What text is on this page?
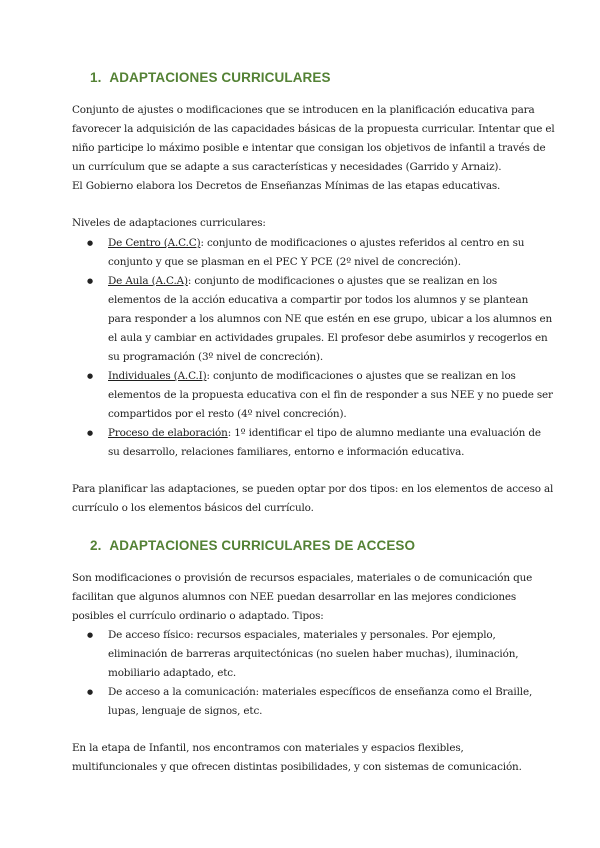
1. ADAPTACIONES CURRICULARES

Conjunto de ajustes o modificaciones que se introducen en la planificación educativa para
favorecer la adquisición de las capacidades básicas de la propuesta curricular. Intentar que el
niño participe lo máximo posible e intentar que consigan los objetivos de infantil a través de
un currículum que se adapte a sus características y necesidades (Garrido y Arnaiz).
El Gobierno elabora los Decretos de Enseñanzas Mínimas de las etapas educativas.

Niveles de adaptaciones curriculares:

● De Centro (A.C.C): conjunto de modificaciones o ajustes referidos al centro en su
conjunto y que se plasman en el PEC Y PCE (2º nivel de concreción).
● De Aula (A.C.A): conjunto de modificaciones o ajustes que se realizan en los
elementos de la acción educativa a compartir por todos los alumnos y se plantean
para responder a los alumnos con NE que estén en ese grupo, ubicar a los alumnos en
el aula y cambiar en actividades grupales. El profesor debe asumirlos y recogerlos en
su programación (3º nivel de concreción).
● Individuales (A.C.I): conjunto de modificaciones o ajustes que se realizan en los
elementos de la propuesta educativa con el fin de responder a sus NEE y no puede ser
compartidos por el resto (4º nivel concreción).
● Proceso de elaboración: 1º identificar el tipo de alumno mediante una evaluación de
su desarrollo, relaciones familiares, entorno e información educativa.

Para planificar las adaptaciones, se pueden optar por dos tipos: en los elementos de acceso al
currículo o los elementos básicos del currículo.

2. ADAPTACIONES CURRICULARES DE ACCESO

Son modificaciones o provisión de recursos espaciales, materiales o de comunicación que
facilitan que algunos alumnos con NEE puedan desarrollar en las mejores condiciones
posibles el currículo ordinario o adaptado. Tipos:

● De acceso físico: recursos espaciales, materiales y personales. Por ejemplo,
eliminación de barreras arquitectónicas (no suelen haber muchas), iluminación,
mobiliario adaptado, etc.
● De acceso a la comunicación: materiales específicos de enseñanza como el Braille,
lupas, lenguaje de signos, etc.

En la etapa de Infantil, nos encontramos con materiales y espacios flexibles,
multifuncionales y que ofrecen distintas posibilidades, y con sistemas de comunicación.
